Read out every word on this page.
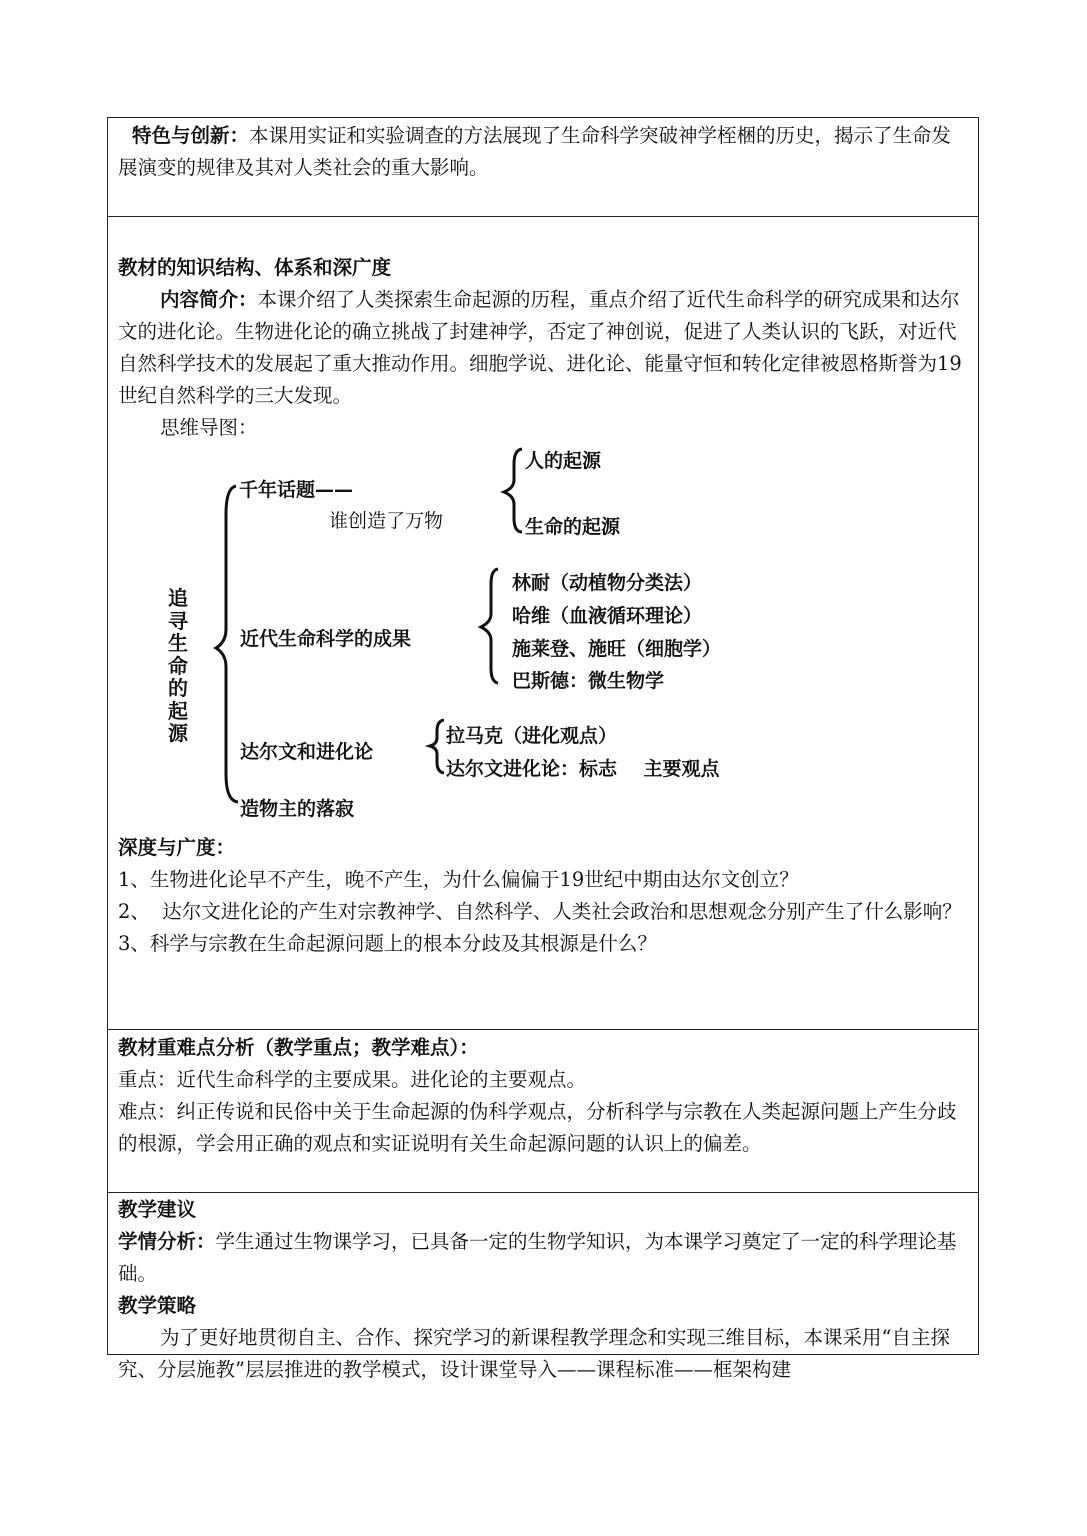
特色与创新：本课用实证和实验调查的方法展现了生命科学突破神学桎梱的历史，揭示了生命发展演变的规律及其对人类社会的重大影响。

教材的知识结构、体系和深广度

内容简介：本课介绍了人类探索生命起源的历程，重点介绍了近代生命科学的研究成果和达尔文的进化论。生物进化论的确立挑战了封建神学，否定了神创说，促进了人类认识的飞跃，对近代自然科学技术的发展起了重大推动作用。细胞学说、进化论、能量守恒和转化定律被恩格斯誉为19世纪自然科学的三大发现。

思维导图：

追寻生命的起源
千年话题——
谁创造了万物
人的起源
生命的起源
近代生命科学的成果
林耐（动植物分类法）
哈维（血液循环理论）
施莱登、施旺（细胞学）
巴斯德：微生物学
达尔文和进化论
拉马克（进化观点）
达尔文进化论：标志    主要观点
造物主的落寂

深度与广度：

1、生物进化论早不产生，晚不产生，为什么偏偏于19世纪中期由达尔文创立？

2、  达尔文进化论的产生对宗教神学、自然科学、人类社会政治和思想观念分别产生了什么影响？

3、科学与宗教在生命起源问题上的根本分歧及其根源是什么？

教材重难点分析（教学重点；教学难点）：

重点：近代生命科学的主要成果。进化论的主要观点。

难点：纠正传说和民俗中关于生命起源的伪科学观点，分析科学与宗教在人类起源问题上产生分歧的根源，学会用正确的观点和实证说明有关生命起源问题的认识上的偏差。

教学建议

学情分析：学生通过生物课学习，已具备一定的生物学知识，为本课学习奠定了一定的科学理论基础。

教学策略

为了更好地贯彻自主、合作、探究学习的新课程教学理念和实现三维目标，本课采用“自主探究、分层施教”层层推进的教学模式，设计课堂导入——课程标准——框架构建
